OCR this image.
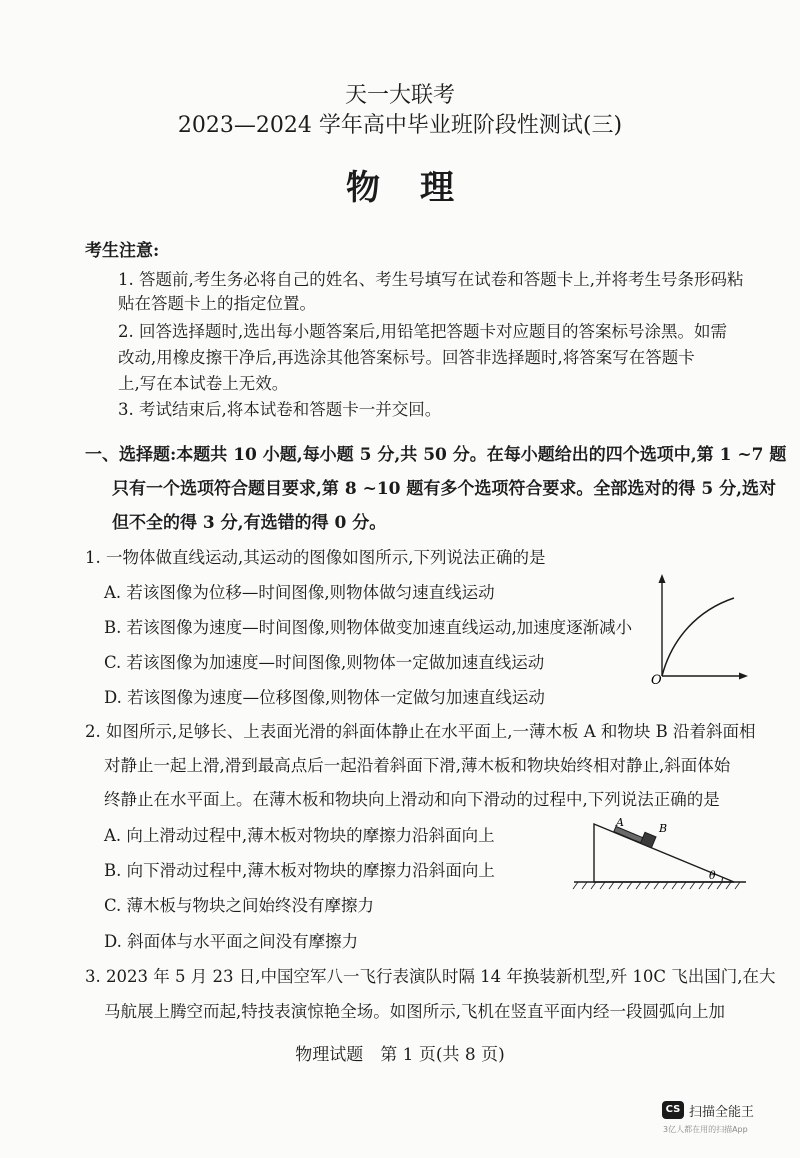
天一大联考
2023—2024 学年高中毕业班阶段性测试(三)
物理
考生注意:
1. 答题前,考生务必将自己的姓名、考生号填写在试卷和答题卡上,并将考生号条形码粘
贴在答题卡上的指定位置。
2. 回答选择题时,选出每小题答案后,用铅笔把答题卡对应题目的答案标号涂黑。如需
改动,用橡皮擦干净后,再选涂其他答案标号。回答非选择题时,将答案写在答题卡
上,写在本试卷上无效。
3. 考试结束后,将本试卷和答题卡一并交回。
一、选择题:本题共 10 小题,每小题 5 分,共 50 分。在每小题给出的四个选项中,第 1 ~7 题
只有一个选项符合题目要求,第 8 ~10 题有多个选项符合要求。全部选对的得 5 分,选对
但不全的得 3 分,有选错的得 0 分。
1. 一物体做直线运动,其运动的图像如图所示,下列说法正确的是
A. 若该图像为位移—时间图像,则物体做匀速直线运动
B. 若该图像为速度—时间图像,则物体做变加速直线运动,加速度逐渐减小
C. 若该图像为加速度—时间图像,则物体一定做加速直线运动
D. 若该图像为速度—位移图像,则物体一定做匀加速直线运动
O
2. 如图所示,足够长、上表面光滑的斜面体静止在水平面上,一薄木板 A 和物块 B 沿着斜面相
对静止一起上滑,滑到最高点后一起沿着斜面下滑,薄木板和物块始终相对静止,斜面体始
终静止在水平面上。在薄木板和物块向上滑动和向下滑动的过程中,下列说法正确的是
A. 向上滑动过程中,薄木板对物块的摩擦力沿斜面向上
B. 向下滑动过程中,薄木板对物块的摩擦力沿斜面向上
C. 薄木板与物块之间始终没有摩擦力
D. 斜面体与水平面之间没有摩擦力
A	B
θ
3. 2023 年 5 月 23 日,中国空军八一飞行表演队时隔 14 年换装新机型,歼 10C 飞出国门,在大
马航展上腾空而起,特技表演惊艳全场。如图所示,飞机在竖直平面内经一段圆弧向上加
物理试题　第 1 页(共 8 页)
CS 扫描全能王
3亿人都在用的扫描App
